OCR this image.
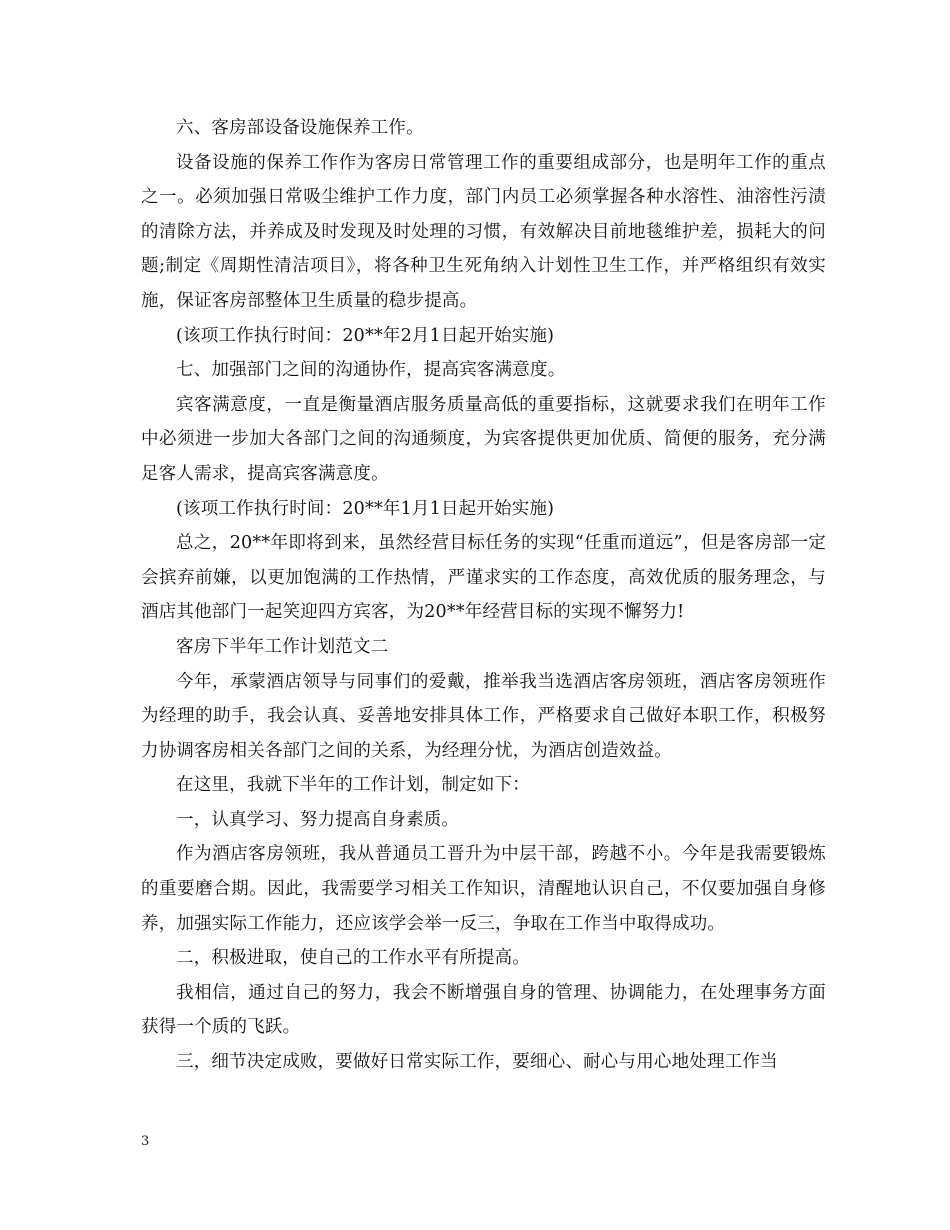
六、客房部设备设施保养工作。

设备设施的保养工作作为客房日常管理工作的重要组成部分，也是明年工作的重点之一。必须加强日常吸尘维护工作力度，部门内员工必须掌握各种水溶性、油溶性污渍的清除方法，并养成及时发现及时处理的习惯，有效解决目前地毯维护差，损耗大的问题;制定《周期性清洁项目》，将各种卫生死角纳入计划性卫生工作，并严格组织有效实施，保证客房部整体卫生质量的稳步提高。

(该项工作执行时间：20**年2月1日起开始实施)

七、加强部门之间的沟通协作，提高宾客满意度。

宾客满意度，一直是衡量酒店服务质量高低的重要指标，这就要求我们在明年工作中必须进一步加大各部门之间的沟通频度，为宾客提供更加优质、简便的服务，充分满足客人需求，提高宾客满意度。

(该项工作执行时间：20**年1月1日起开始实施)

总之，20**年即将到来，虽然经营目标任务的实现“任重而道远”，但是客房部一定会摈弃前嫌，以更加饱满的工作热情，严谨求实的工作态度，高效优质的服务理念，与酒店其他部门一起笑迎四方宾客，为20**年经营目标的实现不懈努力!

客房下半年工作计划范文二

今年，承蒙酒店领导与同事们的爱戴，推举我当选酒店客房领班，酒店客房领班作为经理的助手，我会认真、妥善地安排具体工作，严格要求自己做好本职工作，积极努力协调客房相关各部门之间的关系，为经理分忧，为酒店创造效益。

在这里，我就下半年的工作计划，制定如下：

一，认真学习、努力提高自身素质。

作为酒店客房领班，我从普通员工晋升为中层干部，跨越不小。今年是我需要锻炼的重要磨合期。因此，我需要学习相关工作知识，清醒地认识自己，不仅要加强自身修养，加强实际工作能力，还应该学会举一反三，争取在工作当中取得成功。

二，积极进取，使自己的工作水平有所提高。

我相信，通过自己的努力，我会不断增强自身的管理、协调能力，在处理事务方面获得一个质的飞跃。

三，细节决定成败，要做好日常实际工作，要细心、耐心与用心地处理工作当

3
